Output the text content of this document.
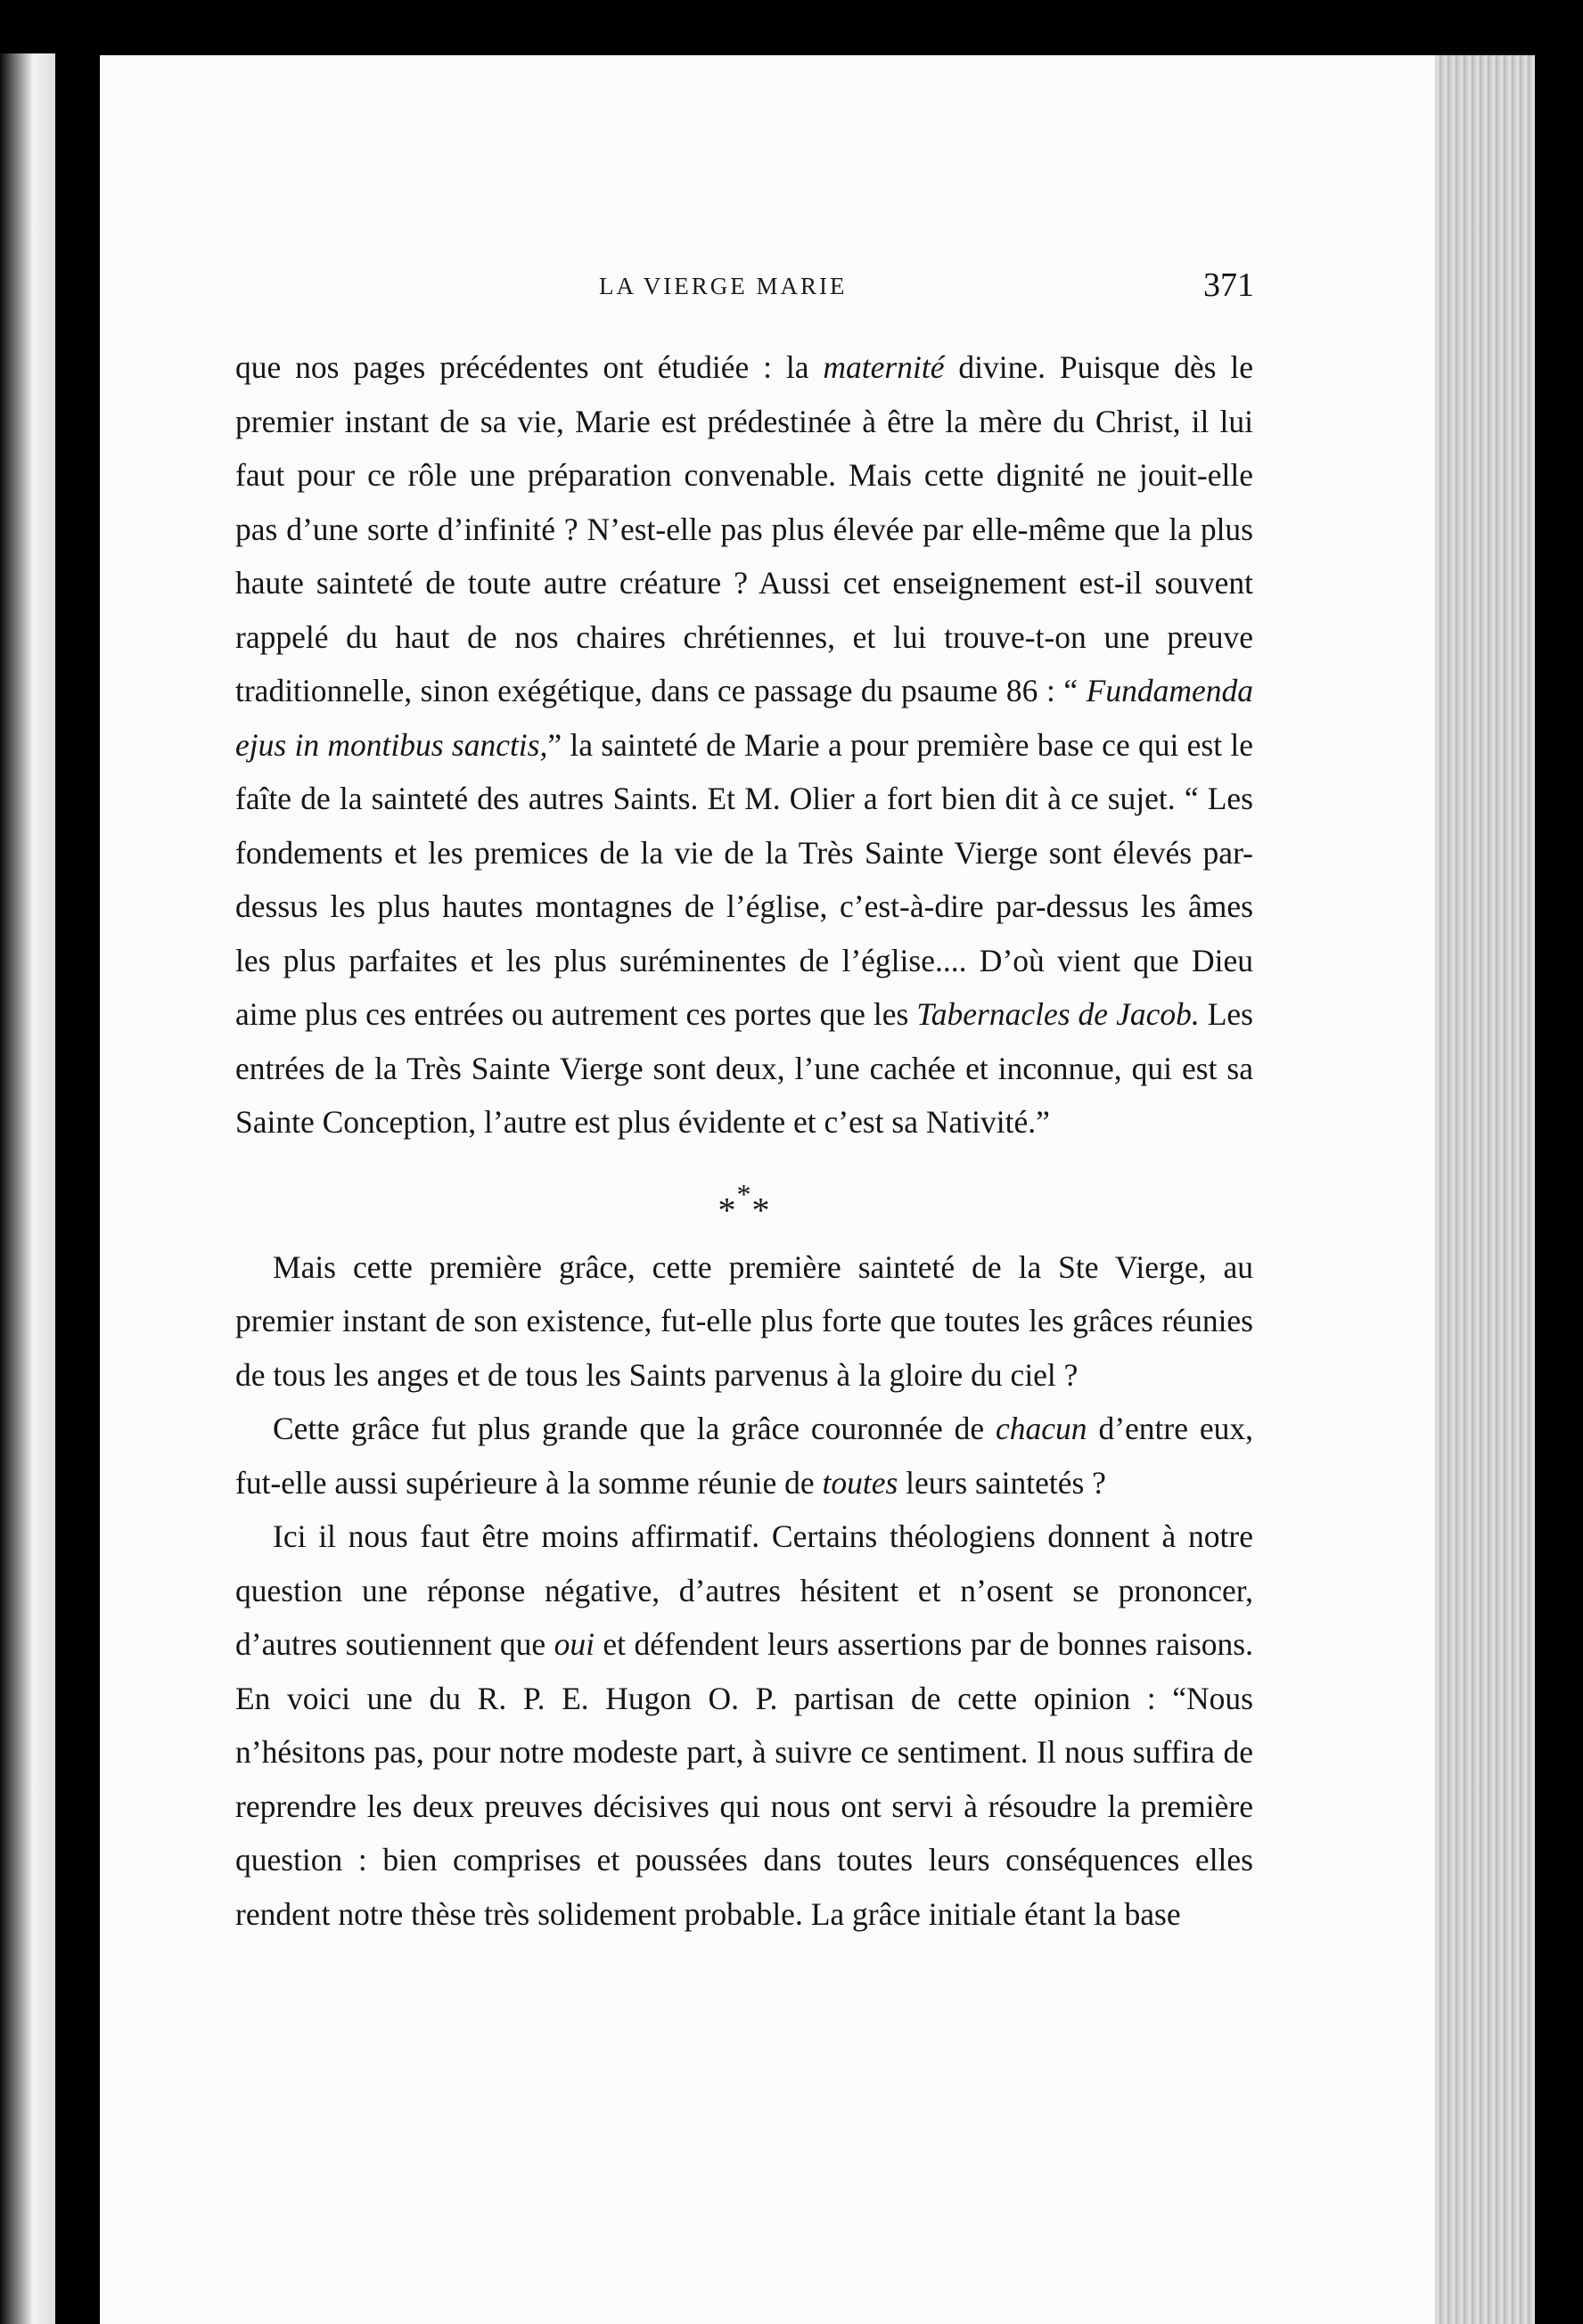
LA VIERGE MARIE	371

que nos pages précédentes ont étudiée : la maternité divine. Puisque dès le premier instant de sa vie, Marie est prédestinée à être la mère du Christ, il lui faut pour ce rôle une préparation convenable. Mais cette dignité ne jouit-elle pas d’une sorte d’infinité ? N’est-elle pas plus élevée par elle-même que la plus haute sainteté de toute autre créature ? Aussi cet enseignement est-il souvent rappelé du haut de nos chaires chrétiennes, et lui trouve-t-on une preuve traditionnelle, sinon exégétique, dans ce passage du psaume 86 : “ Fundamenda ejus in montibus sanctis,” la sainteté de Marie a pour première base ce qui est le faîte de la sainteté des autres Saints. Et M. Olier a fort bien dit à ce sujet. “ Les fondements et les premices de la vie de la Très Sainte Vierge sont élevés par-dessus les plus hautes montagnes de l’église, c’est-à-dire par-dessus les âmes les plus parfaites et les plus suréminentes de l’église.... D’où vient que Dieu aime plus ces entrées ou autrement ces portes que les Tabernacles de Jacob. Les entrées de la Très Sainte Vierge sont deux, l’une cachée et inconnue, qui est sa Sainte Conception, l’autre est plus évidente et c’est sa Nativité.”

***

Mais cette première grâce, cette première sainteté de la Ste Vierge, au premier instant de son existence, fut-elle plus forte que toutes les grâces réunies de tous les anges et de tous les Saints parvenus à la gloire du ciel ?

Cette grâce fut plus grande que la grâce couronnée de chacun d’entre eux, fut-elle aussi supérieure à la somme réunie de toutes leurs saintetés ?

Ici il nous faut être moins affirmatif. Certains théologiens donnent à notre question une réponse négative, d’autres hésitent et n’osent se prononcer, d’autres soutiennent que oui et défendent leurs assertions par de bonnes raisons. En voici une du R. P. E. Hugon O. P. partisan de cette opinion : “Nous n’hésitons pas, pour notre modeste part, à suivre ce sentiment. Il nous suffira de reprendre les deux preuves décisives qui nous ont servi à résoudre la première question : bien comprises et poussées dans toutes leurs conséquences elles rendent notre thèse très solidement probable. La grâce initiale étant la base
